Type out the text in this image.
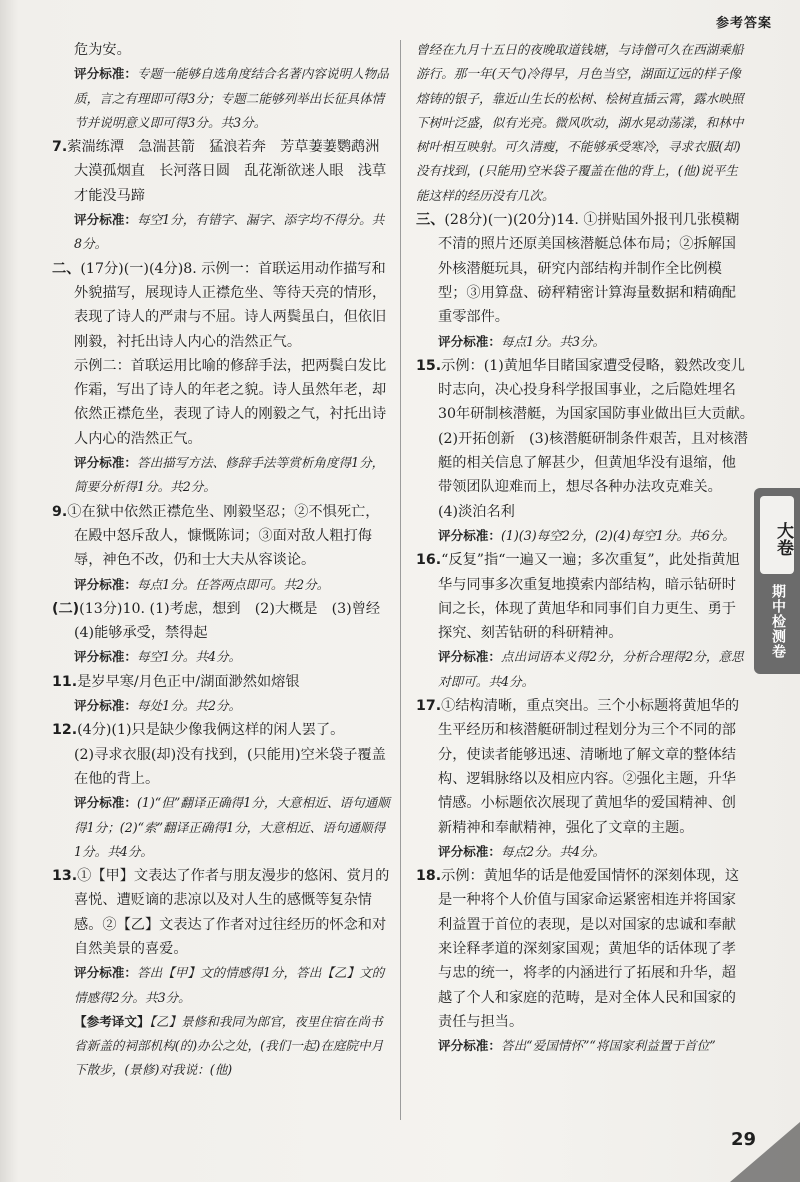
参考答案

危为安。

评分标准：专题一能够自选角度结合名著内容说明人物品质，言之有理即可得3分；专题二能够列举出长征具体情节并说明意义即可得3分。共3分。

7.萦湍练潭　急湍甚箭　猛浪若奔　芳草萋萋鹦鹉洲　大漠孤烟直　长河落日圆　乱花渐欲迷人眼　浅草才能没马蹄

评分标准：每空1分，有错字、漏字、添字均不得分。共8分。

二、(17分)(一)(4分)8. 示例一：首联运用动作描写和外貌描写，展现诗人正襟危坐、等待天亮的情形，表现了诗人的严肃与不屈。诗人两鬓虽白，但依旧刚毅，衬托出诗人内心的浩然正气。

示例二：首联运用比喻的修辞手法，把两鬓白发比作霜，写出了诗人的年老之貌。诗人虽然年老，却依然正襟危坐，表现了诗人的刚毅之气，衬托出诗人内心的浩然正气。

评分标准：答出描写方法、修辞手法等赏析角度得1分，简要分析得1分。共2分。

9.①在狱中依然正襟危坐、刚毅坚忍；②不惧死亡，在殿中怒斥敌人，慷慨陈词；③面对敌人粗打侮辱，神色不改，仍和士大夫从容谈论。

评分标准：每点1分。任答两点即可。共2分。

(二)(13分)10. (1)考虑，想到　(2)大概是　(3)曾经　(4)能够承受，禁得起

评分标准：每空1分。共4分。

11.是岁早寒/月色正中/湖面渺然如熔银

评分标准：每处1分。共2分。

12.(4分)(1)只是缺少像我俩这样的闲人罢了。

(2)寻求衣服(却)没有找到，(只能用)空米袋子覆盖在他的背上。

评分标准：(1)“但”翻译正确得1分，大意相近、语句通顺得1分；(2)“索”翻译正确得1分，大意相近、语句通顺得1分。共4分。

13.①【甲】文表达了作者与朋友漫步的悠闲、赏月的喜悦、遭贬谪的悲凉以及对人生的感慨等复杂情感。②【乙】文表达了作者对过往经历的怀念和对自然美景的喜爱。

评分标准：答出【甲】文的情感得1分，答出【乙】文的情感得2分。共3分。

【参考译文】【乙】景修和我同为郎官，夜里住宿在尚书省新盖的祠部机构(的)办公之处，(我们一起)在庭院中月下散步，(景修)对我说：(他)

曾经在九月十五日的夜晚取道钱塘，与诗僧可久在西湖乘船游行。那一年(天气)冷得早，月色当空，湖面辽远的样子像熔铸的银子，靠近山生长的松树、桧树直插云霄，露水映照下树叶泛盛，似有光亮。微风吹动，湖水晃动荡漾，和林中树叶相互映射。可久清瘦，不能够承受寒冷，寻求衣服(却)没有找到，(只能用)空米袋子覆盖在他的背上，(他)说平生能这样的经历没有几次。

三、(28分)(一)(20分)14. ①拼贴国外报刊几张模糊不清的照片还原美国核潜艇总体布局；②拆解国外核潜艇玩具，研究内部结构并制作全比例模型；③用算盘、磅秤精密计算海量数据和精确配重零部件。

评分标准：每点1分。共3分。

15.示例：(1)黄旭华目睹国家遭受侵略，毅然改变儿时志向，决心投身科学报国事业，之后隐姓埋名30年研制核潜艇，为国家国防事业做出巨大贡献。　(2)开拓创新　(3)核潜艇研制条件艰苦，且对核潜艇的相关信息了解甚少，但黄旭华没有退缩，他带领团队迎难而上，想尽各种办法攻克难关。　(4)淡泊名利

评分标准：(1)(3)每空2分，(2)(4)每空1分。共6分。

16.“反复”指“一遍又一遍；多次重复”，此处指黄旭华与同事多次重复地摸索内部结构，暗示钻研时间之长，体现了黄旭华和同事们自力更生、勇于探究、刻苦钻研的科研精神。

评分标准：点出词语本义得2分，分析合理得2分，意思对即可。共4分。

17.①结构清晰，重点突出。三个小标题将黄旭华的生平经历和核潜艇研制过程划分为三个不同的部分，使读者能够迅速、清晰地了解文章的整体结构、逻辑脉络以及相应内容。②强化主题，升华情感。小标题依次展现了黄旭华的爱国精神、创新精神和奉献精神，强化了文章的主题。

评分标准：每点2分。共4分。

18.示例：黄旭华的话是他爱国情怀的深刻体现，这是一种将个人价值与国家命运紧密相连并将国家利益置于首位的表现，是以对国家的忠诚和奉献来诠释孝道的深刻家国观；黄旭华的话体现了孝与忠的统一，将孝的内涵进行了拓展和升华，超越了个人和家庭的范畴，是对全体人民和国家的责任与担当。

评分标准：答出“爱国情怀”“将国家利益置于首位”

大卷
期中检测卷
29
